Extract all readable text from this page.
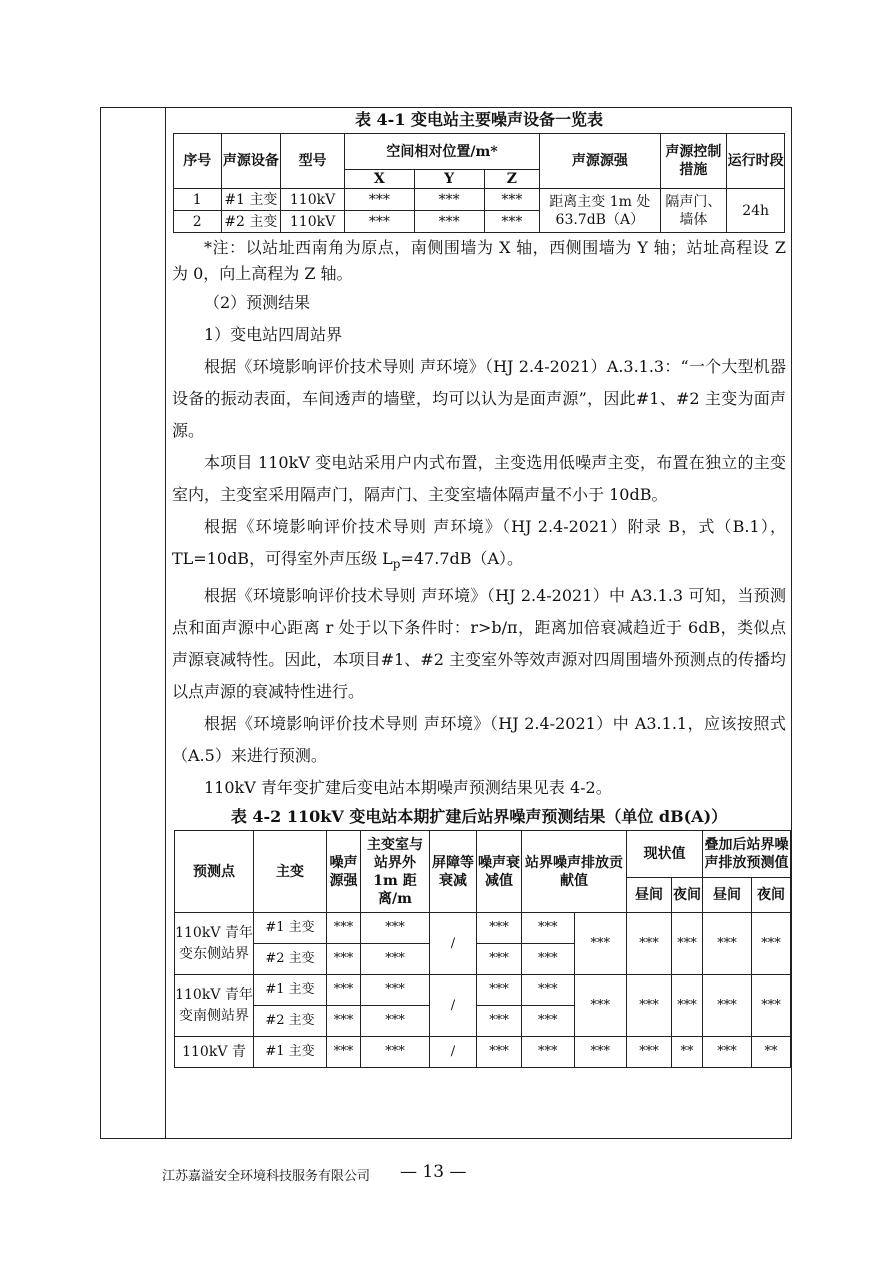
表 4-1 变电站主要噪声设备一览表

序号	声源设备	型号	空间相对位置/m*			声源源强	声源控制措施	运行时段
			X	Y	Z			
1	#1 主变	110kV	***	***	***	距离主变 1m 处 63.7dB（A）	隔声门、墙体	24h
2	#2 主变	110kV	***	***	***			

*注：以站址西南角为原点，南侧围墙为 X 轴，西侧围墙为 Y 轴；站址高程设 Z 为 0，向上高程为 Z 轴。

（2）预测结果

1）变电站四周站界

根据《环境影响评价技术导则 声环境》（HJ 2.4-2021）A.3.1.3：“一个大型机器设备的振动表面，车间透声的墙壁，均可以认为是面声源”，因此#1、#2 主变为面声源。

本项目 110kV 变电站采用户内式布置，主变选用低噪声主变，布置在独立的主变室内，主变室采用隔声门，隔声门、主变室墙体隔声量不小于 10dB。

根据《环境影响评价技术导则 声环境》（HJ 2.4-2021）附录 B，式（B.1），TL=10dB，可得室外声压级 $L_p=47.7dB(A)$。

根据《环境影响评价技术导则 声环境》（HJ 2.4-2021）中 A3.1.3 可知，当预测点和面声源中心距离 r 处于以下条件时：r>b/π，距离加倍衰减趋近于 6dB，类似点声源衰减特性。因此，本项目#1、#2 主变室外等效声源对四周围墙外预测点的传播均以点声源的衰减特性进行。

根据《环境影响评价技术导则 声环境》（HJ 2.4-2021）中 A3.1.1，应该按照式（A.5）来进行预测。

110kV 青年变扩建后变电站本期噪声预测结果见表 4-2。

表 4-2 110kV 变电站本期扩建后站界噪声预测结果（单位 dB(A)）

预测点	主变	噪声源强	主变室与站界外 1m 距离/m	屏障等衰减	噪声衰减值	站界噪声排放贡献值		现状值		叠加后站界噪声排放预测值	
								昼间	夜间	昼间	夜间
110kV 青年变东侧站界	#1 主变	***	***	/	***	***	***	***	***	***	***
	#2 主变	***	***		***	***					
110kV 青年变南侧站界	#1 主变	***	***	/	***	***	***	***	***	***	***
	#2 主变	***	***		***	***					
110kV 青	#1 主变	***	***	/	***	***	***	***	**	***	**
江苏嘉溢安全环境科技服务有限公司 — 13 —
